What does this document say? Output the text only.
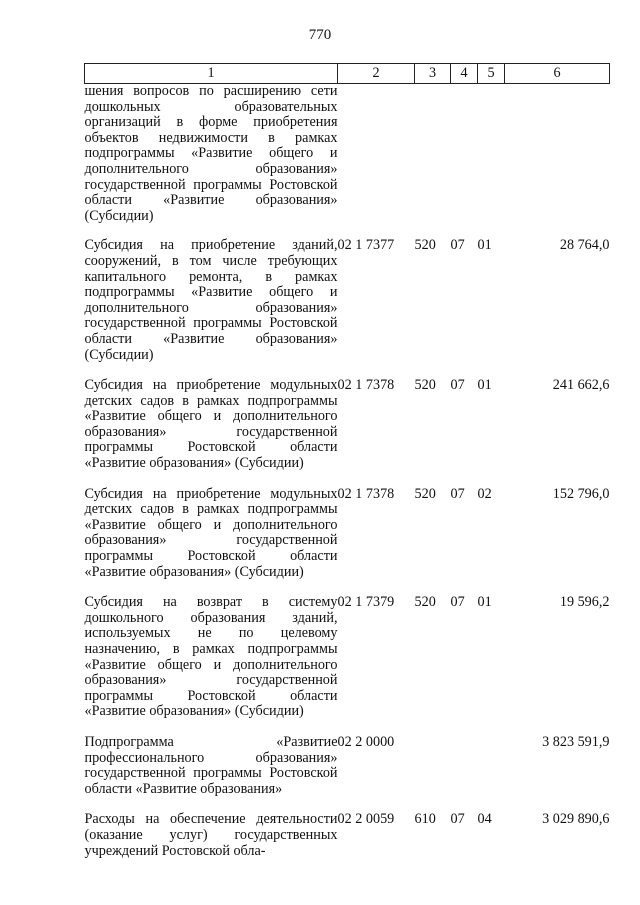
770
1	2	3	4	5	6
шения вопросов по расширению сети дошкольных образовательных организаций в форме приобретения объектов недвижимости в рамках подпрограммы «Развитие общего и дополнительного образования» государственной программы Ростовской области «Развитие образования» (Субсидии)					
Субсидия на приобретение зданий, сооружений, в том числе требующих капитального ремонта, в рамках подпрограммы «Развитие общего и дополнительного образования» государственной программы Ростовской области «Развитие образования» (Субсидии)	02 1 7377	520	07	01	28 764,0
Субсидия на приобретение модульных детских садов в рамках подпрограммы «Развитие общего и дополнительного образования» государственной программы Ростовской области «Развитие образования» (Субсидии)	02 1 7378	520	07	01	241 662,6
Субсидия на приобретение модульных детских садов в рамках подпрограммы «Развитие общего и дополнительного образования» государственной программы Ростовской области «Развитие образования» (Субсидии)	02 1 7378	520	07	02	152 796,0
Субсидия на возврат в систему дошкольного образования зданий, используемых не по целевому назначению, в рамках подпрограммы «Развитие общего и дополнительного образования» государственной программы Ростовской области «Развитие образования» (Субсидии)	02 1 7379	520	07	01	19 596,2
Подпрограмма «Развитие профессионального образования» государственной программы Ростовской области «Развитие образования»	02 2 0000				3 823 591,9
Расходы на обеспечение деятельности (оказание услуг) государственных учреждений Ростовской обла-	02 2 0059	610	07	04	3 029 890,6
